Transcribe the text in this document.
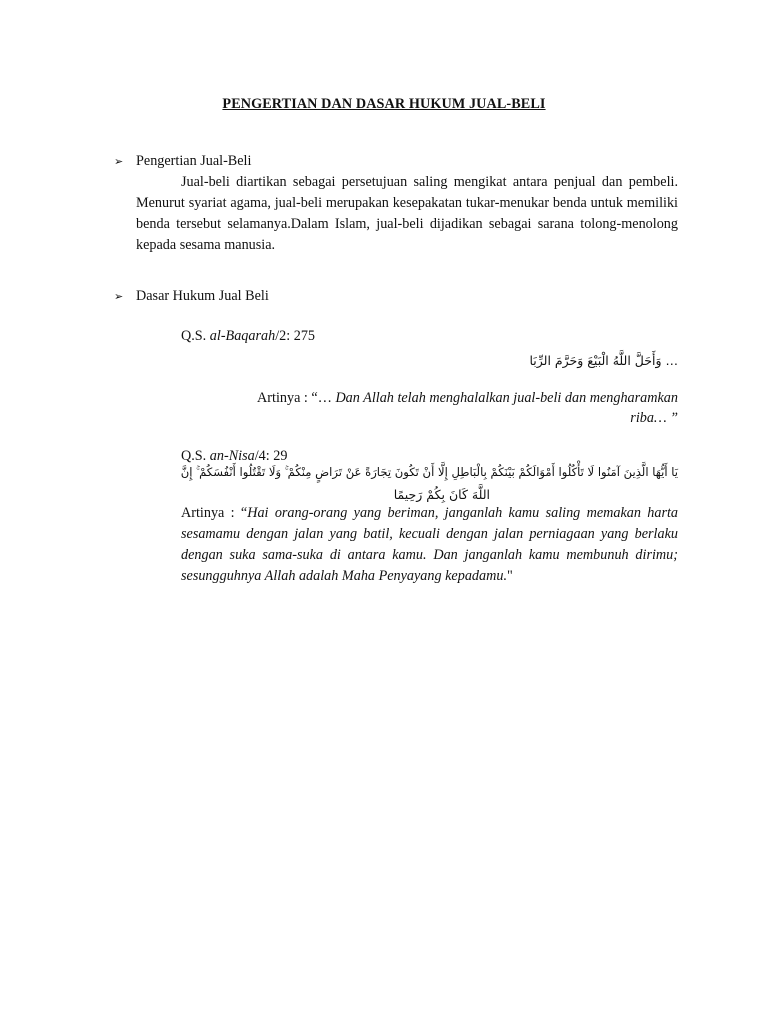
PENGERTIAN DAN DASAR HUKUM JUAL-BELI
➢ Pengertian Jual-Beli
Jual-beli diartikan sebagai persetujuan saling mengikat antara penjual dan pembeli. Menurut syariat agama, jual-beli merupakan kesepakatan tukar-menukar benda untuk memiliki benda tersebut selamanya.Dalam Islam, jual-beli dijadikan sebagai sarana tolong-menolong kepada sesama manusia.
➢ Dasar Hukum Jual Beli
Q.S. al-Baqarah/2: 275
… وَأَحَلَّ اللَّهُ الْبَيْعَ وَحَرَّمَ الرِّبَا
Artinya : “… Dan Allah telah menghalalkan jual-beli dan mengharamkan riba… ”
Q.S. an-Nisa/4: 29
يَا أَيُّهَا الَّذِينَ آمَنُوا لَا تَأْكُلُوا أَمْوَالَكُمْ بَيْنَكُمْ بِالْبَاطِلِ إِلَّا أَنْ تَكُونَ تِجَارَةً عَنْ تَرَاضٍ مِنْكُمْ ۚ وَلَا تَقْتُلُوا أَنْفُسَكُمْ ۚ إِنَّ
اللَّهَ كَانَ بِكُمْ رَحِيمًا
Artinya : “Hai orang-orang yang beriman, janganlah kamu saling memakan harta sesamamu dengan jalan yang batil, kecuali dengan jalan perniagaan yang berlaku dengan suka sama-suka di antara kamu. Dan janganlah kamu membunuh dirimu; sesungguhnya Allah adalah Maha Penyayang kepadamu."
